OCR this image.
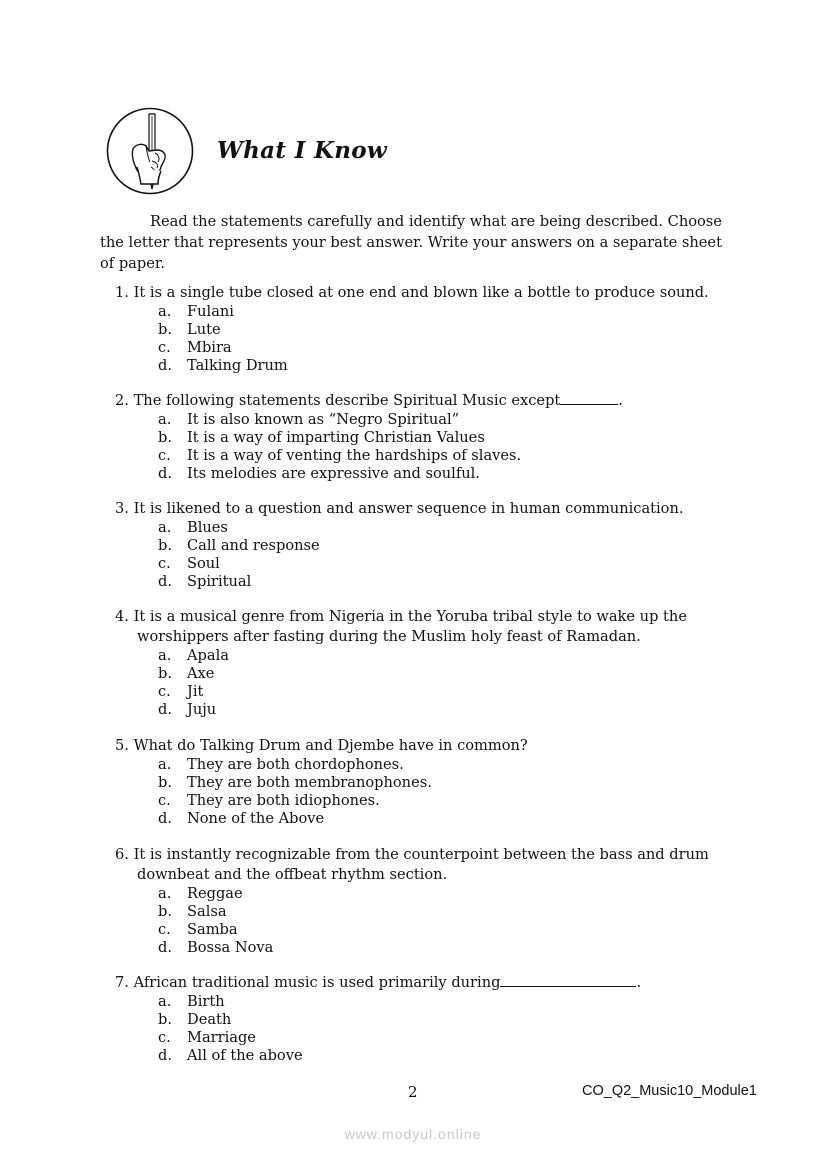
What I Know

Read the statements carefully and identify what are being described. Choose the letter that represents your best answer. Write your answers on a separate sheet of paper.

1. It is a single tube closed at one end and blown like a bottle to produce sound.
a.	Fulani
b.	Lute
c.	Mbira
d.	Talking Drum
2. The following statements describe Spiritual Music except	.
a.	It is also known as “Negro Spiritual”
b.	It is a way of imparting Christian Values
c.	It is a way of venting the hardships of slaves.
d.	Its melodies are expressive and soulful.
3. It is likened to a question and answer sequence in human communication.
a.	Blues
b.	Call and response
c.	Soul
d.	Spiritual
4. It is a musical genre from Nigeria in the Yoruba tribal style to wake up the worshippers after fasting during the Muslim holy feast of Ramadan.
a.	Apala
b.	Axe
c.	Jit
d.	Juju
5. What do Talking Drum and Djembe have in common?
a.	They are both chordophones.
b.	They are both membranophones.
c.	They are both idiophones.
d.	None of the Above
6. It is instantly recognizable from the counterpoint between the bass and drum downbeat and the offbeat rhythm section.
a.	Reggae
b.	Salsa
c.	Samba
d.	Bossa Nova
7. African traditional music is used primarily during	.
a.	Birth
b.	Death
c.	Marriage
d.	All of the above
2	CO_Q2_Music10_Module1
www.modyul.online
